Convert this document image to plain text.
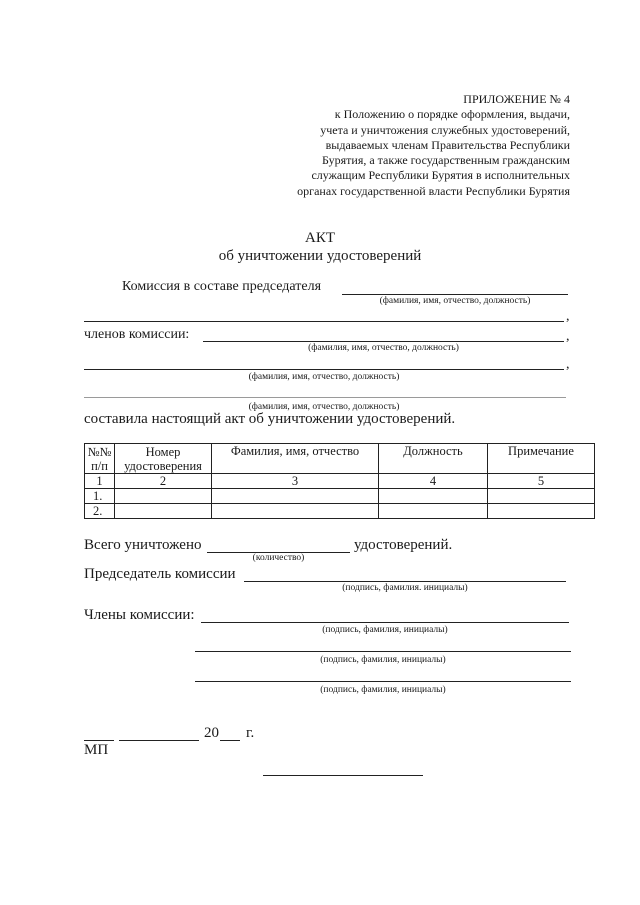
ПРИЛОЖЕНИЕ № 4
к Положению о порядке оформления, выдачи,
учета и уничтожения служебных удостоверений,
выдаваемых членам Правительства Республики
Бурятия, а также государственным гражданским
служащим Республики Бурятия в исполнительных
органах государственной власти Республики Бурятия
АКТ
об уничтожении удостоверений
Комиссия в составе председателя
(фамилия, имя, отчество, должность)
,
членов комиссии:	,
(фамилия, имя, отчество, должность)
,
(фамилия, имя, отчество, должность)
(фамилия, имя, отчество, должность)
составила настоящий акт об уничтожении удостоверений.
№№ п/п	Номер удостоверения	Фамилия, имя, отчество	Должность	Примечание
1	2	3	4	5
1.				
2.				
Всего уничтожено	удостоверений.
(количество)
Председатель комиссии
(подпись, фамилия. инициалы)
Члены комиссии:
(подпись, фамилия, инициалы)
(подпись, фамилия, инициалы)
(подпись, фамилия, инициалы)
20 г.
МП
